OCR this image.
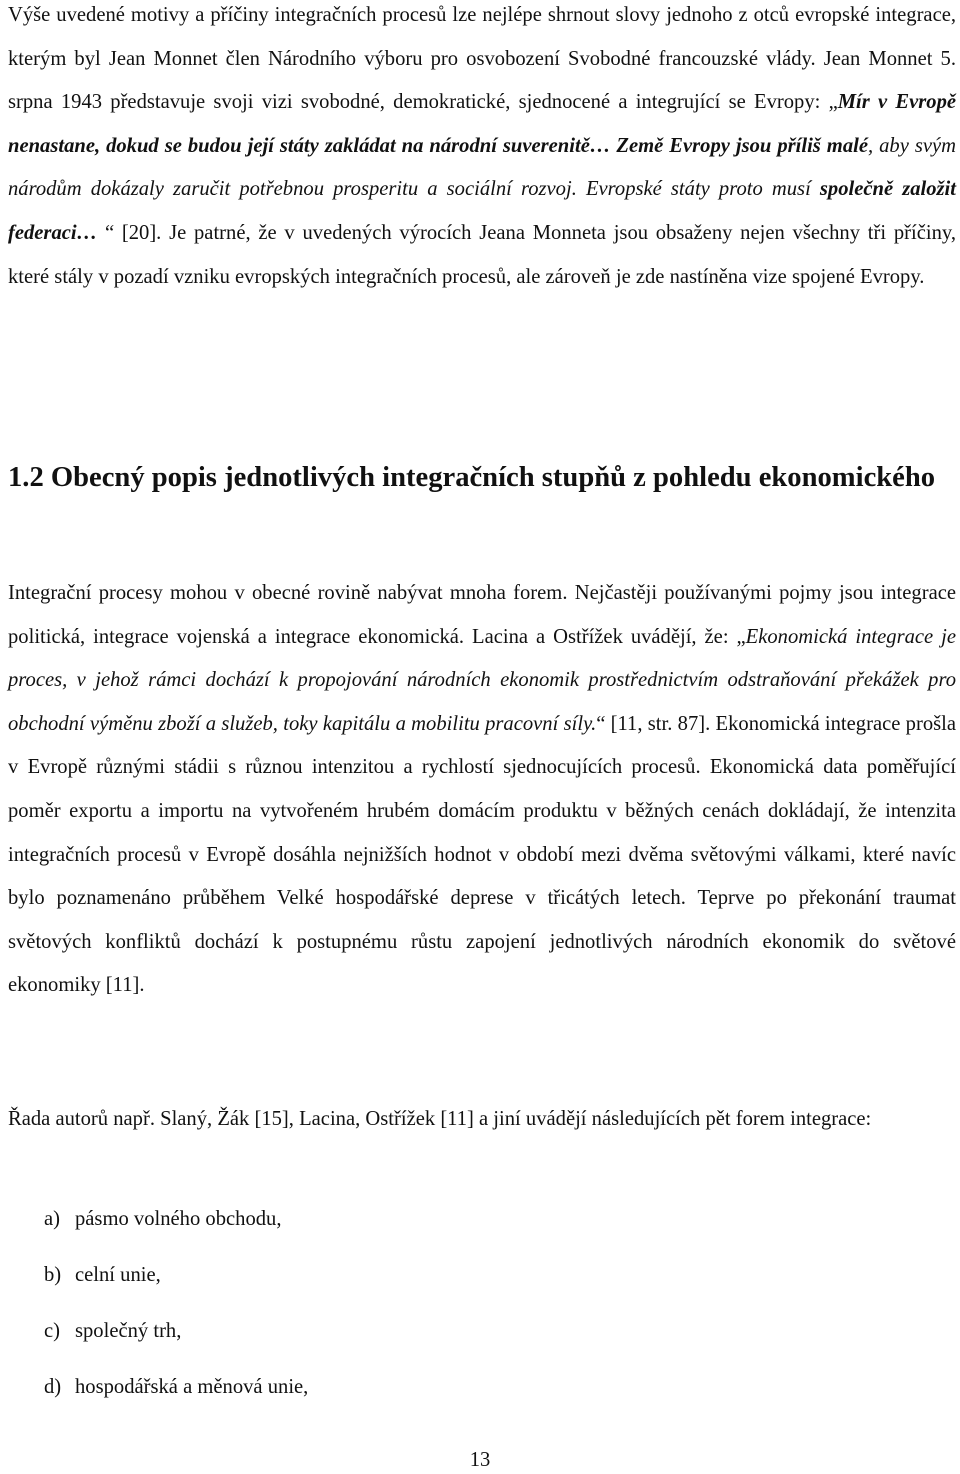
Výše uvedené motivy a příčiny integračních procesů lze nejlépe shrnout slovy jednoho z otců evropské integrace, kterým byl Jean Monnet člen Národního výboru pro osvobození Svobodné francouzské vlády. Jean Monnet 5. srpna 1943 představuje svoji vizi svobodné, demokratické, sjednocené a integrující se Evropy: „Mír v Evropě nenastane, dokud se budou její státy zakládat na národní suverenitě… Země Evropy jsou příliš malé, aby svým národům dokázaly zaručit potřebnou prosperitu a sociální rozvoj. Evropské státy proto musí společně založit federaci… “ [20]. Je patrné, že v uvedených výrocích Jeana Monneta jsou obsaženy nejen všechny tři příčiny, které stály v pozadí vzniku evropských integračních procesů, ale zároveň je zde nastíněna vize spojené Evropy.

1.2 Obecný popis jednotlivých integračních stupňů z pohledu ekonomického

Integrační procesy mohou v obecné rovině nabývat mnoha forem. Nejčastěji používanými pojmy jsou integrace politická, integrace vojenská a integrace ekonomická. Lacina a Ostřížek uvádějí, že: „Ekonomická integrace je proces, v jehož rámci dochází k propojování národních ekonomik prostřednictvím odstraňování překážek pro obchodní výměnu zboží a služeb, toky kapitálu a mobilitu pracovní síly.“ [11, str. 87]. Ekonomická integrace prošla v Evropě různými stádii s různou intenzitou a rychlostí sjednocujících procesů. Ekonomická data poměřující poměr exportu a importu na vytvořeném hrubém domácím produktu v běžných cenách dokládají, že intenzita integračních procesů v Evropě dosáhla nejnižších hodnot v období mezi dvěma světovými válkami, které navíc bylo poznamenáno průběhem Velké hospodářské deprese v třicátých letech. Teprve po překonání traumat světových konfliktů dochází k postupnému růstu zapojení jednotlivých národních ekonomik do světové ekonomiky [11].

Řada autorů např. Slaný, Žák [15], Lacina, Ostřížek [11] a jiní uvádějí následujících pět forem integrace:

a) pásmo volného obchodu,
b) celní unie,
c) společný trh,
d) hospodářská a měnová unie,
13
